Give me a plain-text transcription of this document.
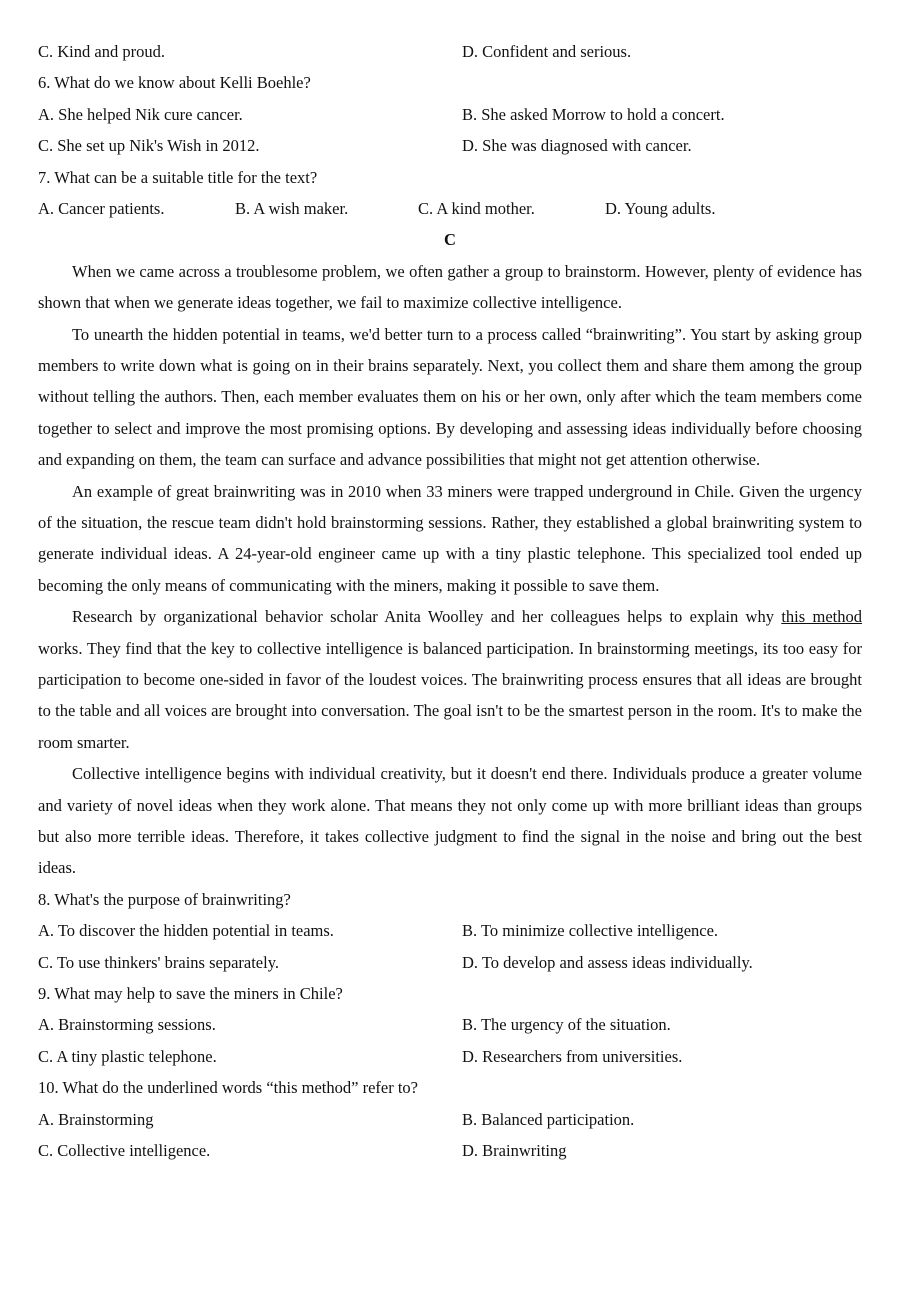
C. Kind and proud.	D. Confident and serious.
6. What do we know about Kelli Boehle?
A. She helped Nik cure cancer.	B. She asked Morrow to hold a concert.
C. She set up Nik's Wish in 2012.	D. She was diagnosed with cancer.
7. What can be a suitable title for the text?
A. Cancer patients.	B. A wish maker.	C. A kind mother.	D. Young adults.
C

When we came across a troublesome problem, we often gather a group to brainstorm. However, plenty of evidence has shown that when we generate ideas together, we fail to maximize collective intelligence.

To unearth the hidden potential in teams, we'd better turn to a process called “brainwriting”. You start by asking group members to write down what is going on in their brains separately. Next, you collect them and share them among the group without telling the authors. Then, each member evaluates them on his or her own, only after which the team members come together to select and improve the most promising options. By developing and assessing ideas individually before choosing and expanding on them, the team can surface and advance possibilities that might not get attention otherwise.

An example of great brainwriting was in 2010 when 33 miners were trapped underground in Chile. Given the urgency of the situation, the rescue team didn't hold brainstorming sessions. Rather, they established a global brainwriting system to generate individual ideas. A 24-year-old engineer came up with a tiny plastic telephone. This specialized tool ended up becoming the only means of communicating with the miners, making it possible to save them.

Research by organizational behavior scholar Anita Woolley and her colleagues helps to explain why this method works. They find that the key to collective intelligence is balanced participation. In brainstorming meetings, its too easy for participation to become one-sided in favor of the loudest voices. The brainwriting process ensures that all ideas are brought to the table and all voices are brought into conversation. The goal isn't to be the smartest person in the room. It's to make the room smarter.

Collective intelligence begins with individual creativity, but it doesn't end there. Individuals produce a greater volume and variety of novel ideas when they work alone. That means they not only come up with more brilliant ideas than groups but also more terrible ideas. Therefore, it takes collective judgment to find the signal in the noise and bring out the best ideas.

8. What's the purpose of brainwriting?
A. To discover the hidden potential in teams.	B. To minimize collective intelligence.
C. To use thinkers' brains separately.	D. To develop and assess ideas individually.
9. What may help to save the miners in Chile?
A. Brainstorming sessions.	B. The urgency of the situation.
C. A tiny plastic telephone.	D. Researchers from universities.
10. What do the underlined words “this method” refer to?
A. Brainstorming	B. Balanced participation.
C. Collective intelligence.	D. Brainwriting
